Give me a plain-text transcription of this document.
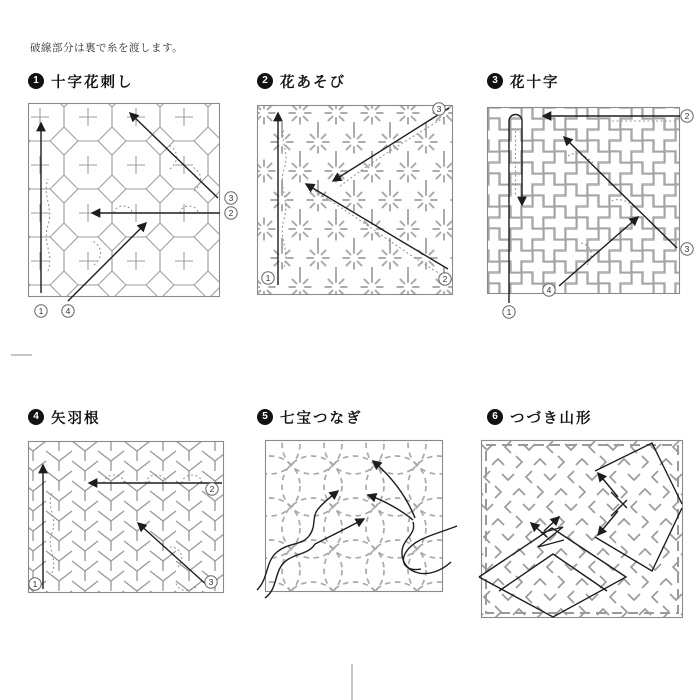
破線部分は裏で糸を渡します。
1 十字花刺し
1	4
3
2
2 花あそび
1
3
2
3 花十字
1
2
3
4
4 矢羽根
1
2
3
5 七宝つなぎ	6 つづき山形
